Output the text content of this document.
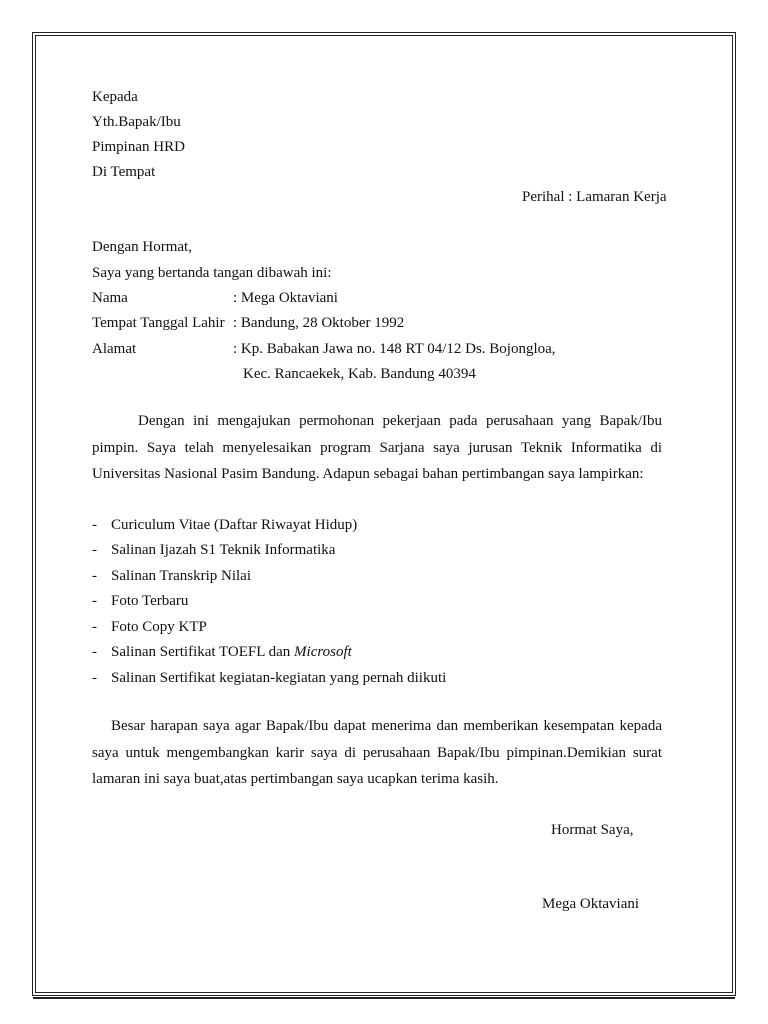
Kepada
Yth.Bapak/Ibu
Pimpinan HRD
Di Tempat
Perihal : Lamaran Kerja
Dengan Hormat,
Saya yang bertanda tangan dibawah ini:
Nama	: Mega Oktaviani
Tempat Tanggal Lahir : Bandung, 28 Oktober 1992
Alamat	: Kp. Babakan Jawa no. 148 RT 04/12 Ds. Bojongloa,
Kec. Rancaekek, Kab. Bandung 40394
Dengan ini mengajukan permohonan pekerjaan pada perusahaan yang Bapak/Ibu pimpin. Saya telah menyelesaikan program Sarjana saya jurusan Teknik Informatika di Universitas Nasional Pasim Bandung. Adapun sebagai bahan pertimbangan saya lampirkan:
- Curiculum Vitae (Daftar Riwayat Hidup)
- Salinan Ijazah S1 Teknik Informatika
- Salinan Transkrip Nilai
- Foto Terbaru
- Foto Copy KTP
- Salinan Sertifikat TOEFL dan Microsoft
- Salinan Sertifikat kegiatan-kegiatan yang pernah diikuti
Besar harapan saya agar Bapak/Ibu dapat menerima dan memberikan kesempatan kepada saya untuk mengembangkan karir saya di perusahaan Bapak/Ibu pimpinan.Demikian surat lamaran ini saya buat,atas pertimbangan saya ucapkan terima kasih.
Hormat Saya,
Mega Oktaviani
